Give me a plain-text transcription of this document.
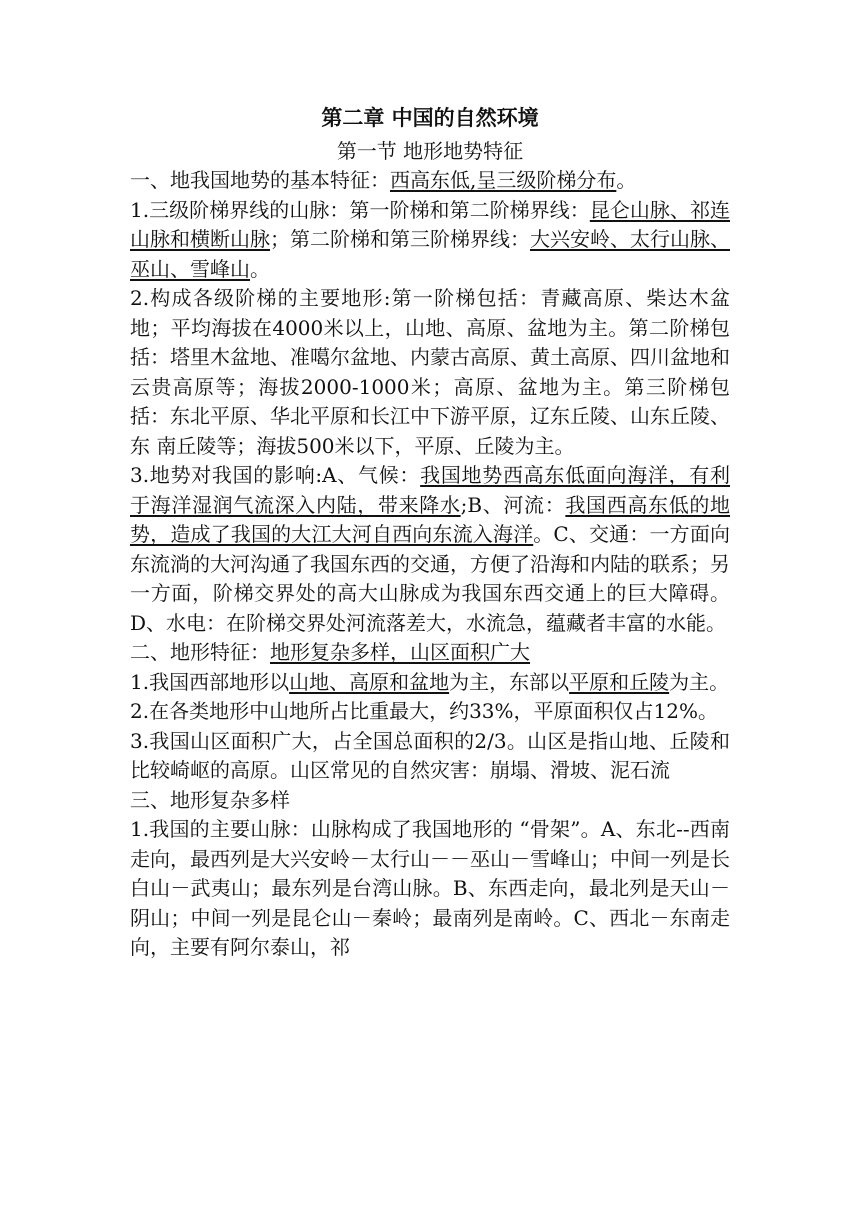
第二章 中国的自然环境
第一节 地形地势特征

一、地我国地势的基本特征：西高东低,呈三级阶梯分布。

1.三级阶梯界线的山脉：第一阶梯和第二阶梯界线：昆仑山脉、祁连山脉和横断山脉；第二阶梯和第三阶梯界线：大兴安岭、太行山脉、巫山、雪峰山。

2.构成各级阶梯的主要地形:第一阶梯包括：青藏高原、柴达木盆地；平均海拔在4000米以上，山地、高原、盆地为主。第二阶梯包括：塔里木盆地、准噶尔盆地、内蒙古高原、黄土高原、四川盆地和云贵高原等；海拔2000-1000米；高原、盆地为主。第三阶梯包括：东北平原、华北平原和长江中下游平原，辽东丘陵、山东丘陵、东 南丘陵等；海拔500米以下，平原、丘陵为主。

3.地势对我国的影响:A、气候：我国地势西高东低面向海洋，有利于海洋湿润气流深入内陆，带来降水;B、河流：我国西高东低的地势，造成了我国的大江大河自西向东流入海洋。C、交通：一方面向东流淌的大河沟通了我国东西的交通，方便了沿海和内陆的联系；另一方面，阶梯交界处的高大山脉成为我国东西交通上的巨大障碍。D、水电：在阶梯交界处河流落差大，水流急，蕴藏者丰富的水能。

二、地形特征：地形复杂多样，山区面积广大

1.我国西部地形以山地、高原和盆地为主，东部以平原和丘陵为主。

2.在各类地形中山地所占比重最大，约33%，平原面积仅占12%。

3.我国山区面积广大，占全国总面积的2/3。山区是指山地、丘陵和比较崎岖的高原。山区常见的自然灾害：崩塌、滑坡、泥石流

三、地形复杂多样

1.我国的主要山脉：山脉构成了我国地形的 “骨架”。A、东北--西南走向，最西列是大兴安岭－太行山－－巫山－雪峰山；中间一列是长白山－武夷山；最东列是台湾山脉。B、东西走向，最北列是天山－阴山；中间一列是昆仑山－秦岭；最南列是南岭。C、西北－东南走向，主要有阿尔泰山，祁
